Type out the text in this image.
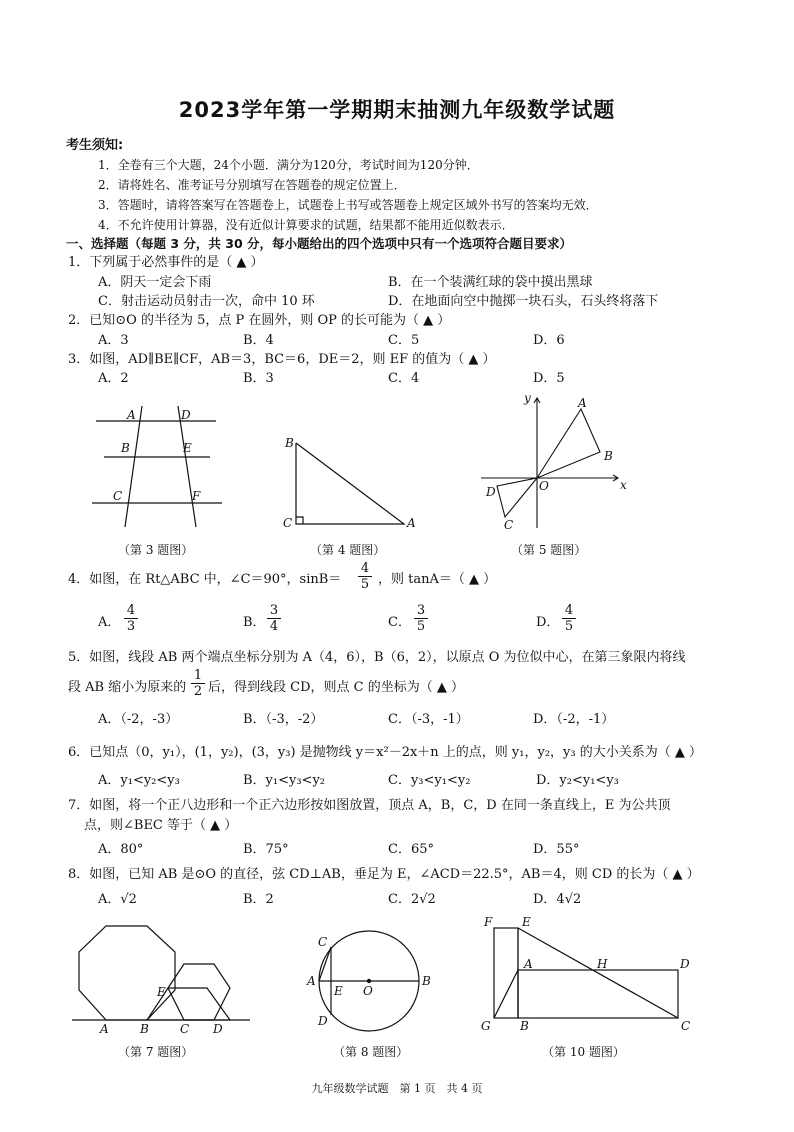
2023学年第一学期期末抽测九年级数学试题
考生须知:
1．全卷有三个大题，24个小题．满分为120分，考试时间为120分钟．
2．请将姓名、准考证号分别填写在答题卷的规定位置上．
3．答题时，请将答案写在答题卷上，试题卷上书写或答题卷上规定区域外书写的答案均无效．
4．不允许使用计算器，没有近似计算要求的试题，结果都不能用近似数表示．
一、选择题（每题 3 分，共 30 分，每小题给出的四个选项中只有一个选项符合题目要求）
1．下列属于必然事件的是（ ▲ ）
A．阴天一定会下雨	B．在一个装满红球的袋中摸出黑球
C．射击运动员射击一次，命中 10 环	D．在地面向空中抛掷一块石头，石头终将落下
2．已知⊙O 的半径为 5，点 P 在圆外，则 OP 的长可能为（ ▲ ）
A．3	B．4	C．5	D．6
3．如图，AD∥BE∥CF，AB＝3，BC＝6，DE＝2，则 EF 的值为（ ▲ ）
A．2	B．3	C．4	D．5
A	D
B	E
C	F
B
C	A
y	A
B
O	x
D
C
E
A	B	C D
C
A
E O
B
D
F E
A	H	D
G B	C
（第 3 题图）	（第 4 题图）	（第 5 题图）
4．如图，在 Rt△ABC 中，∠C＝90°，$\sin B= \frac{4}{5}$ ，则 tanA＝（ ▲ ）
A． $\frac{4}{3}$	B． $\frac{3}{4}$	C． $\frac{3}{5}$	D． $\frac{4}{5}$
5．如图，线段 AB 两个端点坐标分别为 A（4，6），B（6，2），以原点 O 为位似中心，在第三象限内将线
段 AB 缩小为原来的 $\frac{1}{2}$ 后，得到线段 CD，则点 C 的坐标为（ ▲ ）
A．（-2，-3）	B．（-3，-2）	C．（-3，-1）	D．（-2，-1）
6．已知点（0，y₁），(1，y₂)，(3，y₃) 是抛物线 y＝x²－2x＋n 上的点，则 y₁，y₂，y₃ 的大小关系为（ ▲ ）
A．y₁<y₂<y₃	B．y₁<y₃<y₂	C．y₃<y₁<y₂	D．y₂<y₁<y₃
7．如图，将一个正八边形和一个正六边形按如图放置，顶点 A，B，C，D 在同一条直线上，E 为公共顶
点，则∠BEC 等于（ ▲ ）
A．80°	B．75°	C．65°	D．55°
8．如图，已知 AB 是⊙O 的直径，弦 CD⊥AB，垂足为 E，∠ACD＝22.5°，AB＝4，则 CD 的长为（ ▲ ）
A．√2	B．2	C．2√2	D．4√2
（第 7 题图）	（第 8 题图）	（第 10 题图）
九年级数学试题　第 1 页　共 4 页
